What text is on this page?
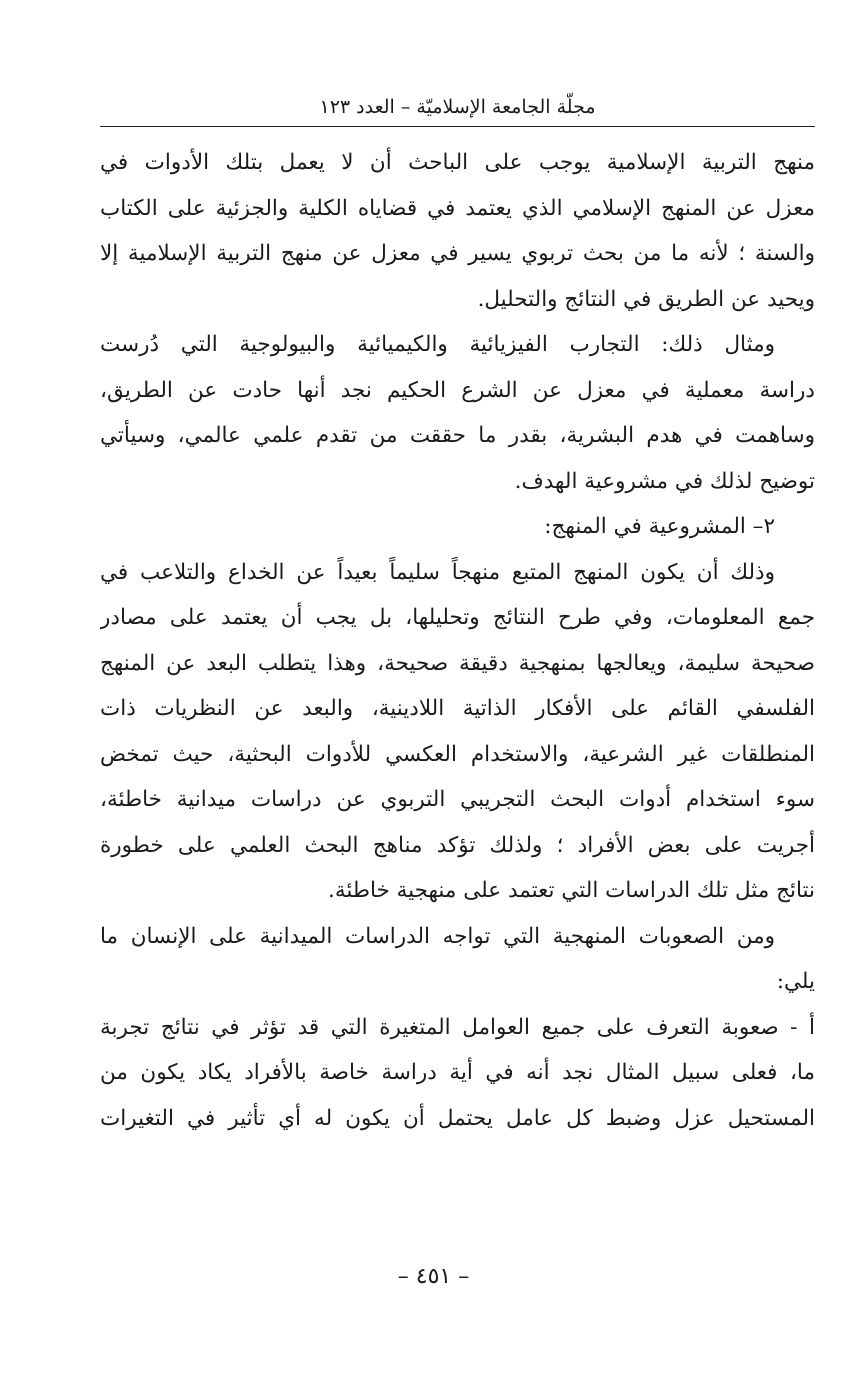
مجلّة الجامعة الإسلاميّة – العدد ١٢٣
منهج التربية الإسلامية يوجب على الباحث أن لا يعمل بتلك الأدوات في
معزل عن المنهج الإسلامي الذي يعتمد في قضاياه الكلية والجزئية على الكتاب
والسنة ؛ لأنه ما من بحث تربوي يسير في معزل عن منهج التربية الإسلامية إلا
ويحيد عن الطريق في النتائج والتحليل.
ومثال ذلك: التجارب الفيزيائية والكيميائية والبيولوجية التي دُرست
دراسة معملية في معزل عن الشرع الحكيم نجد أنها حادت عن الطريق،
وساهمت في هدم البشرية، بقدر ما حققت من تقدم علمي عالمي، وسيأتي
توضيح لذلك في مشروعية الهدف.
٢– المشروعية في المنهج:
وذلك أن يكون المنهج المتبع منهجاً سليماً بعيداً عن الخداع والتلاعب في
جمع المعلومات، وفي طرح النتائج وتحليلها، بل يجب أن يعتمد على مصادر
صحيحة سليمة، ويعالجها بمنهجية دقيقة صحيحة، وهذا يتطلب البعد عن المنهج
الفلسفي القائم على الأفكار الذاتية اللادينية، والبعد عن النظريات ذات
المنطلقات غير الشرعية، والاستخدام العكسي للأدوات البحثية، حيث تمخض
سوء استخدام أدوات البحث التجريبي التربوي عن دراسات ميدانية خاطئة،
أجريت على بعض الأفراد ؛ ولذلك تؤكد مناهج البحث العلمي على خطورة
نتائج مثل تلك الدراسات التي تعتمد على منهجية خاطئة.
ومن الصعوبات المنهجية التي تواجه الدراسات الميدانية على الإنسان ما
يلي:
أ - صعوبة التعرف على جميع العوامل المتغيرة التي قد تؤثر في نتائج تجربة
ما، فعلى سبيل المثال نجد أنه في أية دراسة خاصة بالأفراد يكاد يكون من
المستحيل عزل وضبط كل عامل يحتمل أن يكون له أي تأثير في التغيرات
– ٤٥١ –
